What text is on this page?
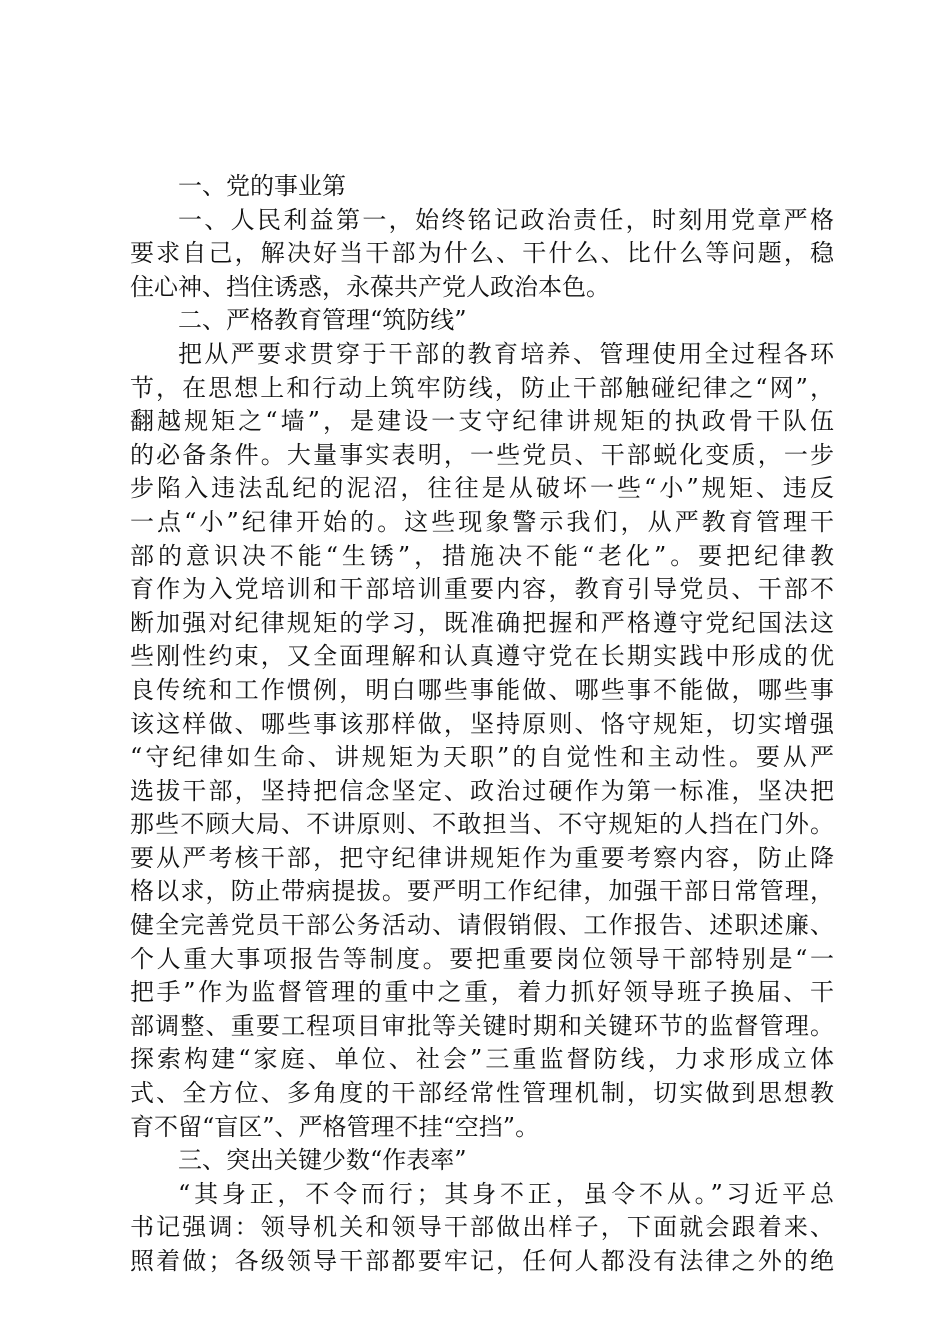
一、党的事业第
一、人民利益第一，始终铭记政治责任，时刻用党章严格
要求自己，解决好当干部为什么、干什么、比什么等问题，稳
住心神、挡住诱惑，永葆共产党人政治本色。
二、严格教育管理“筑防线”
把从严要求贯穿于干部的教育培养、管理使用全过程各环
节，在思想上和行动上筑牢防线，防止干部触碰纪律之“网”，
翻越规矩之“墙”，是建设一支守纪律讲规矩的执政骨干队伍
的必备条件。大量事实表明，一些党员、干部蜕化变质，一步
步陷入违法乱纪的泥沼，往往是从破坏一些“小”规矩、违反
一点“小”纪律开始的。这些现象警示我们，从严教育管理干
部的意识决不能“生锈”，措施决不能“老化”。要把纪律教
育作为入党培训和干部培训重要内容，教育引导党员、干部不
断加强对纪律规矩的学习，既准确把握和严格遵守党纪国法这
些刚性约束，又全面理解和认真遵守党在长期实践中形成的优
良传统和工作惯例，明白哪些事能做、哪些事不能做，哪些事
该这样做、哪些事该那样做，坚持原则、恪守规矩，切实增强
“守纪律如生命、讲规矩为天职”的自觉性和主动性。要从严
选拔干部，坚持把信念坚定、政治过硬作为第一标准，坚决把
那些不顾大局、不讲原则、不敢担当、不守规矩的人挡在门外。
要从严考核干部，把守纪律讲规矩作为重要考察内容，防止降
格以求，防止带病提拔。要严明工作纪律，加强干部日常管理，
健全完善党员干部公务活动、请假销假、工作报告、述职述廉、
个人重大事项报告等制度。要把重要岗位领导干部特别是“一
把手”作为监督管理的重中之重，着力抓好领导班子换届、干
部调整、重要工程项目审批等关键时期和关键环节的监督管理。
探索构建“家庭、单位、社会”三重监督防线，力求形成立体
式、全方位、多角度的干部经常性管理机制，切实做到思想教
育不留“盲区”、严格管理不挂“空挡”。
三、突出关键少数“作表率”
“其身正，不令而行；其身不正，虽令不从。”习近平总
书记强调：领导机关和领导干部做出样子，下面就会跟着来、
照着做；各级领导干部都要牢记，任何人都没有法律之外的绝
